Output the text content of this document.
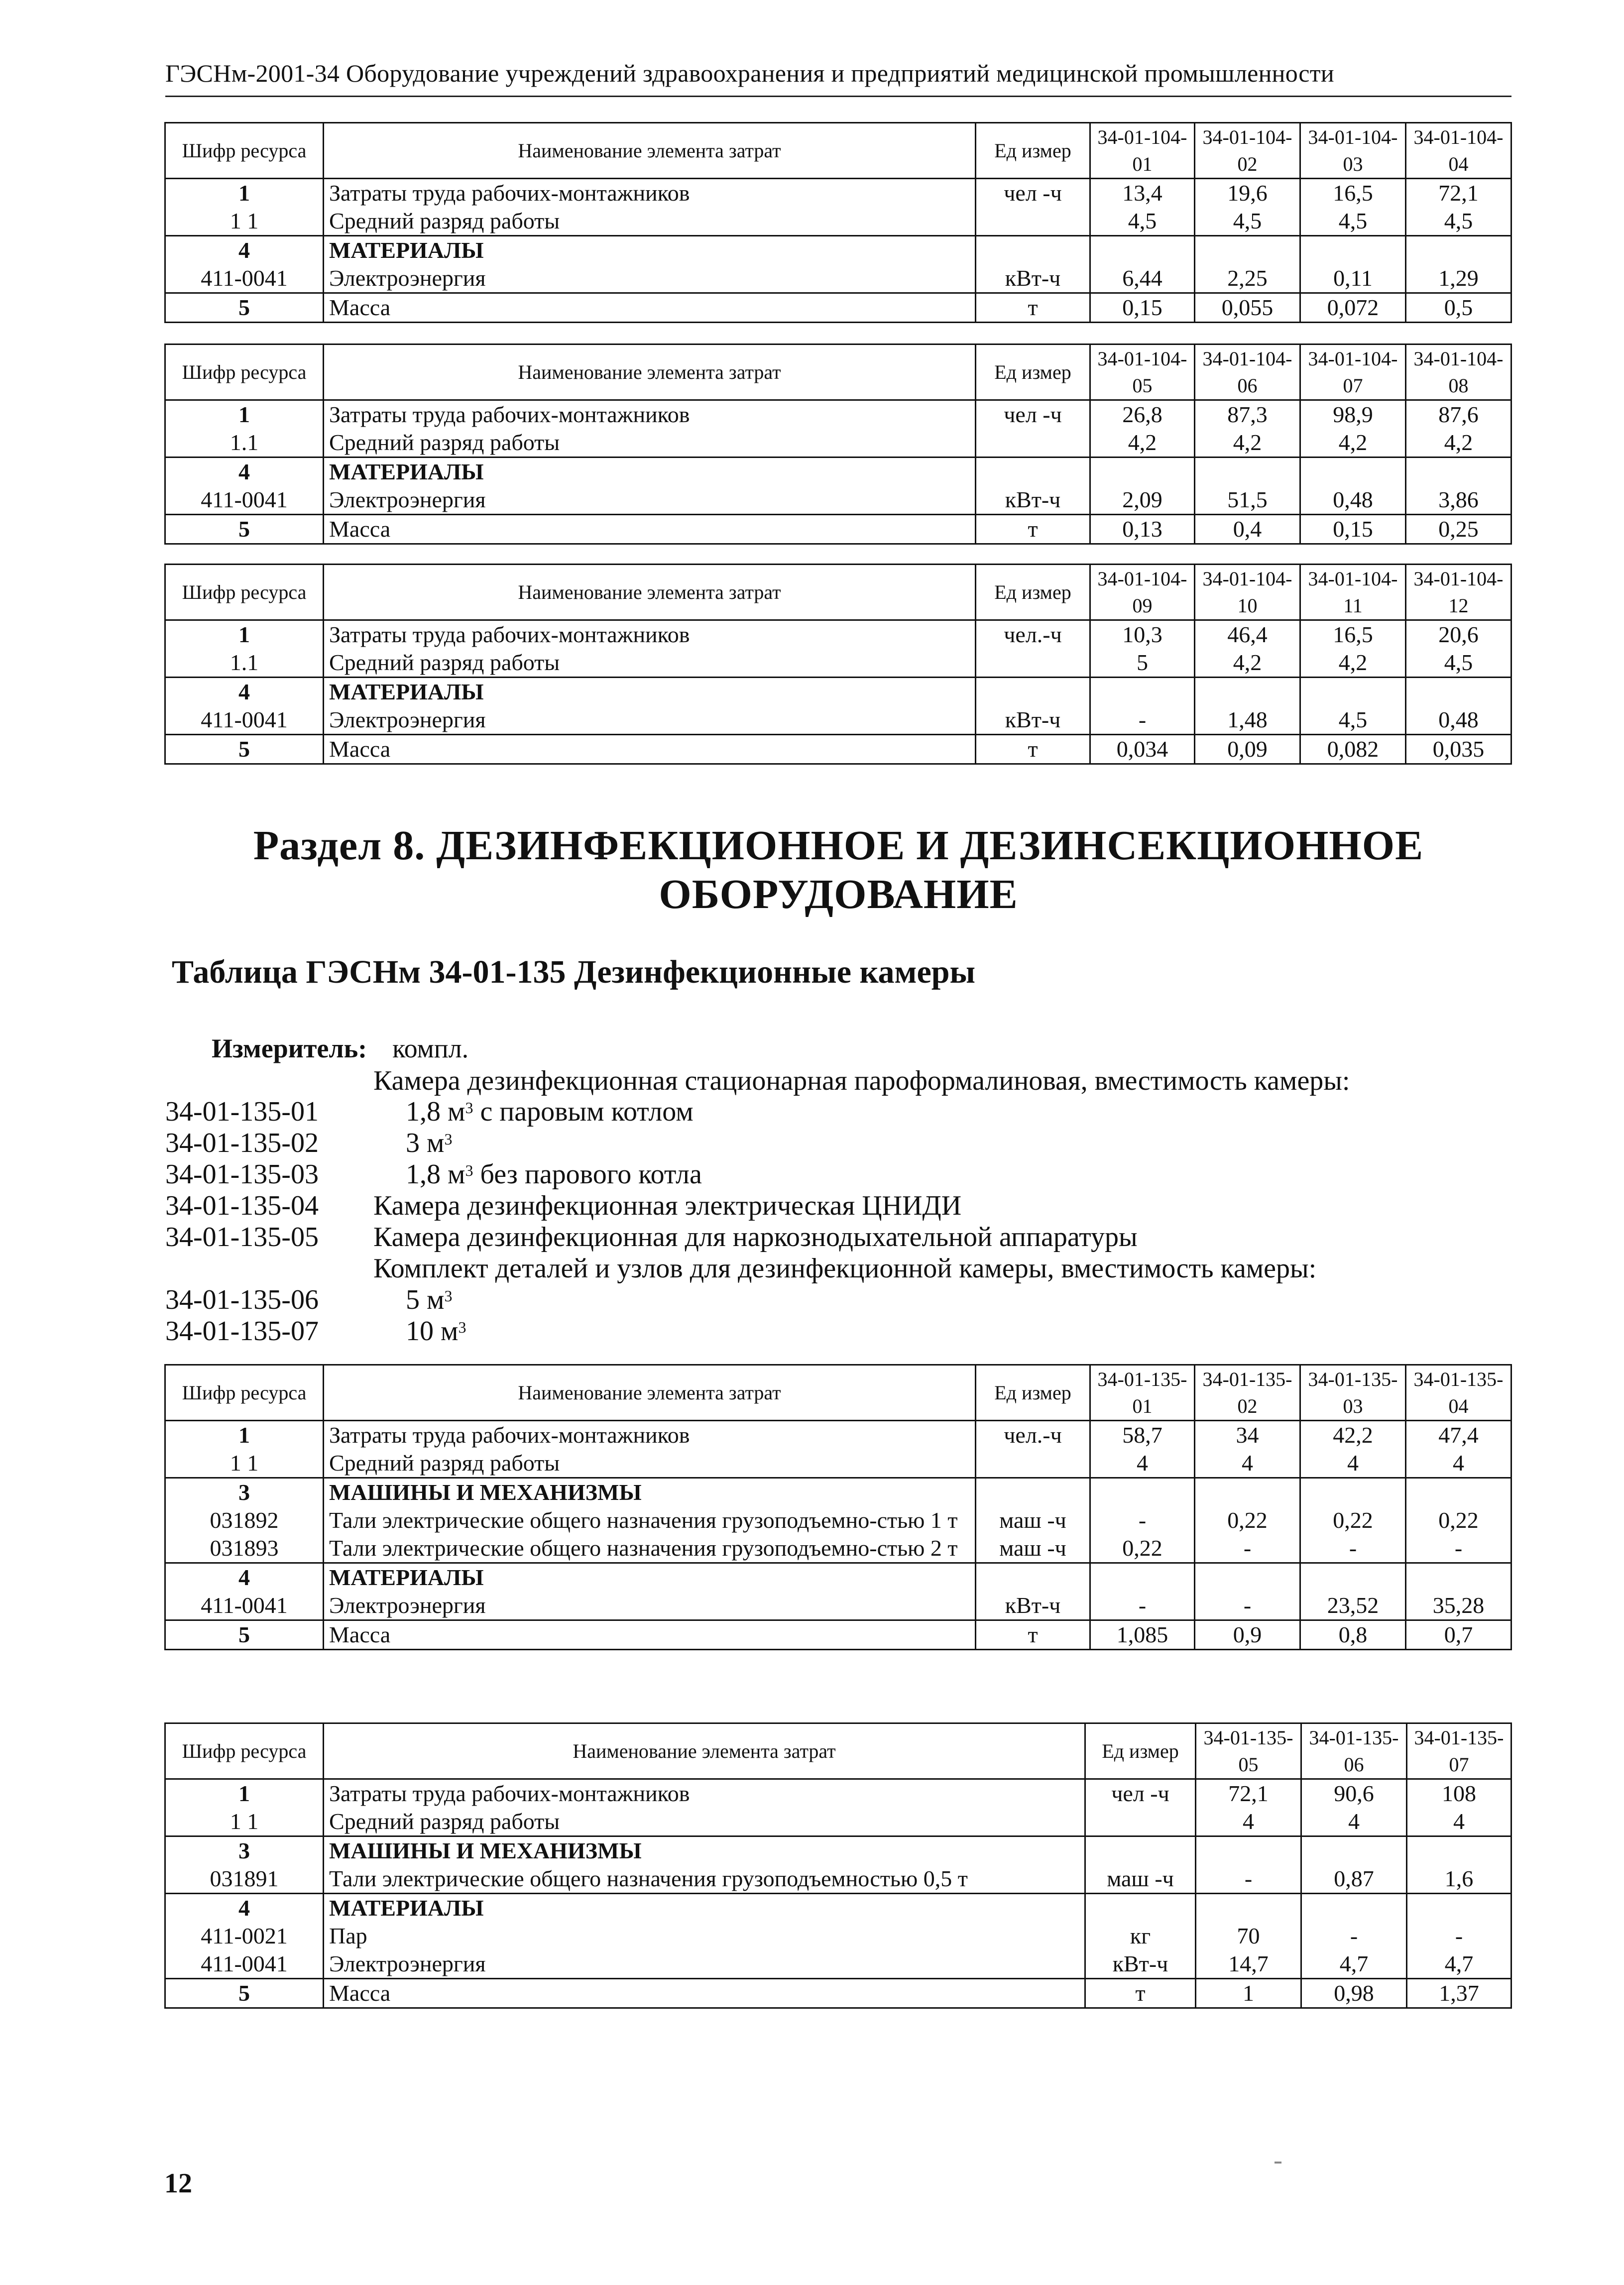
ГЭСНм-2001-34 Оборудование учреждений здравоохранения и предприятий медицинской промышленности
Шифр ресурса	Наименование элемента затрат	Ед измер	34-01-104-01	34-01-104-02	34-01-104-03	34-01-104-04
1	Затраты труда рабочих-монтажников	чел -ч	13,4	19,6	16,5	72,1
1 1	Средний разряд работы		4,5	4,5	4,5	4,5
4	МАТЕРИАЛЫ					
411-0041	Электроэнергия	кВт-ч	6,44	2,25	0,11	1,29
5	Масса	т	0,15	0,055	0,072	0,5
Шифр ресурса	Наименование элемента затрат	Ед измер	34-01-104-05	34-01-104-06	34-01-104-07	34-01-104-08
1	Затраты труда рабочих-монтажников	чел -ч	26,8	87,3	98,9	87,6
1.1	Средний разряд работы		4,2	4,2	4,2	4,2
4	МАТЕРИАЛЫ					
411-0041	Электроэнергия	кВт-ч	2,09	51,5	0,48	3,86
5	Масса	т	0,13	0,4	0,15	0,25
Шифр ресурса	Наименование элемента затрат	Ед измер	34-01-104-09	34-01-104-10	34-01-104-11	34-01-104-12
1	Затраты труда рабочих-монтажников	чел.-ч	10,3	46,4	16,5	20,6
1.1	Средний разряд работы		5	4,2	4,2	4,5
4	МАТЕРИАЛЫ					
411-0041	Электроэнергия	кВт-ч	-	1,48	4,5	0,48
5	Масса	т	0,034	0,09	0,082	0,035
Раздел 8. ДЕЗИНФЕКЦИОННОЕ И ДЕЗИНСЕКЦИОННОЕ ОБОРУДОВАНИЕ
Таблица ГЭСНм 34-01-135 Дезинфекционные камеры
Измеритель: компл.
Камера дезинфекционная стационарная пароформалиновая, вместимость камеры:
34-01-135-01	1,8 $м^3$ с паровым котлом
34-01-135-02	3 $м^3$
34-01-135-03	1,8 $м^3$ без парового котла
34-01-135-04 Камера дезинфекционная электрическая ЦНИДИ
34-01-135-05 Камера дезинфекционная для наркознодыхательной аппаратуры
Комплект деталей и узлов для дезинфекционной камеры, вместимость камеры:
34-01-135-06	5 $м^3$
34-01-135-07	10 $м^3$
Шифр ресурса	Наименование элемента затрат	Ед измер	34-01-135-01	34-01-135-02	34-01-135-03	34-01-135-04
1	Затраты труда рабочих-монтажников	чел.-ч	58,7	34	42,2	47,4
1 1	Средний разряд работы		4	4	4	4
3	МАШИНЫ И МЕХАНИЗМЫ					
031892	Тали электрические общего назначения грузоподъемно-стью 1 т	маш -ч	-	0,22	0,22	0,22
031893	Тали электрические общего назначения грузоподъемно-стью 2 т	маш -ч	0,22	-	-	-
4	МАТЕРИАЛЫ					
411-0041	Электроэнергия	кВт-ч	-	-	23,52	35,28
5	Масса	т	1,085	0,9	0,8	0,7
Шифр ресурса	Наименование элемента затрат	Ед измер	34-01-135-05	34-01-135-06	34-01-135-07
1	Затраты труда рабочих-монтажников	чел -ч	72,1	90,6	108
1 1	Средний разряд работы		4	4	4
3	МАШИНЫ И МЕХАНИЗМЫ				
031891	Тали электрические общего назначения грузоподъемностью 0,5 т	маш -ч	-	0,87	1,6
4	МАТЕРИАЛЫ				
411-0021	Пар	кг	70	-	-
411-0041	Электроэнергия	кВт-ч	14,7	4,7	4,7
5	Масса	т	1	0,98	1,37
12
